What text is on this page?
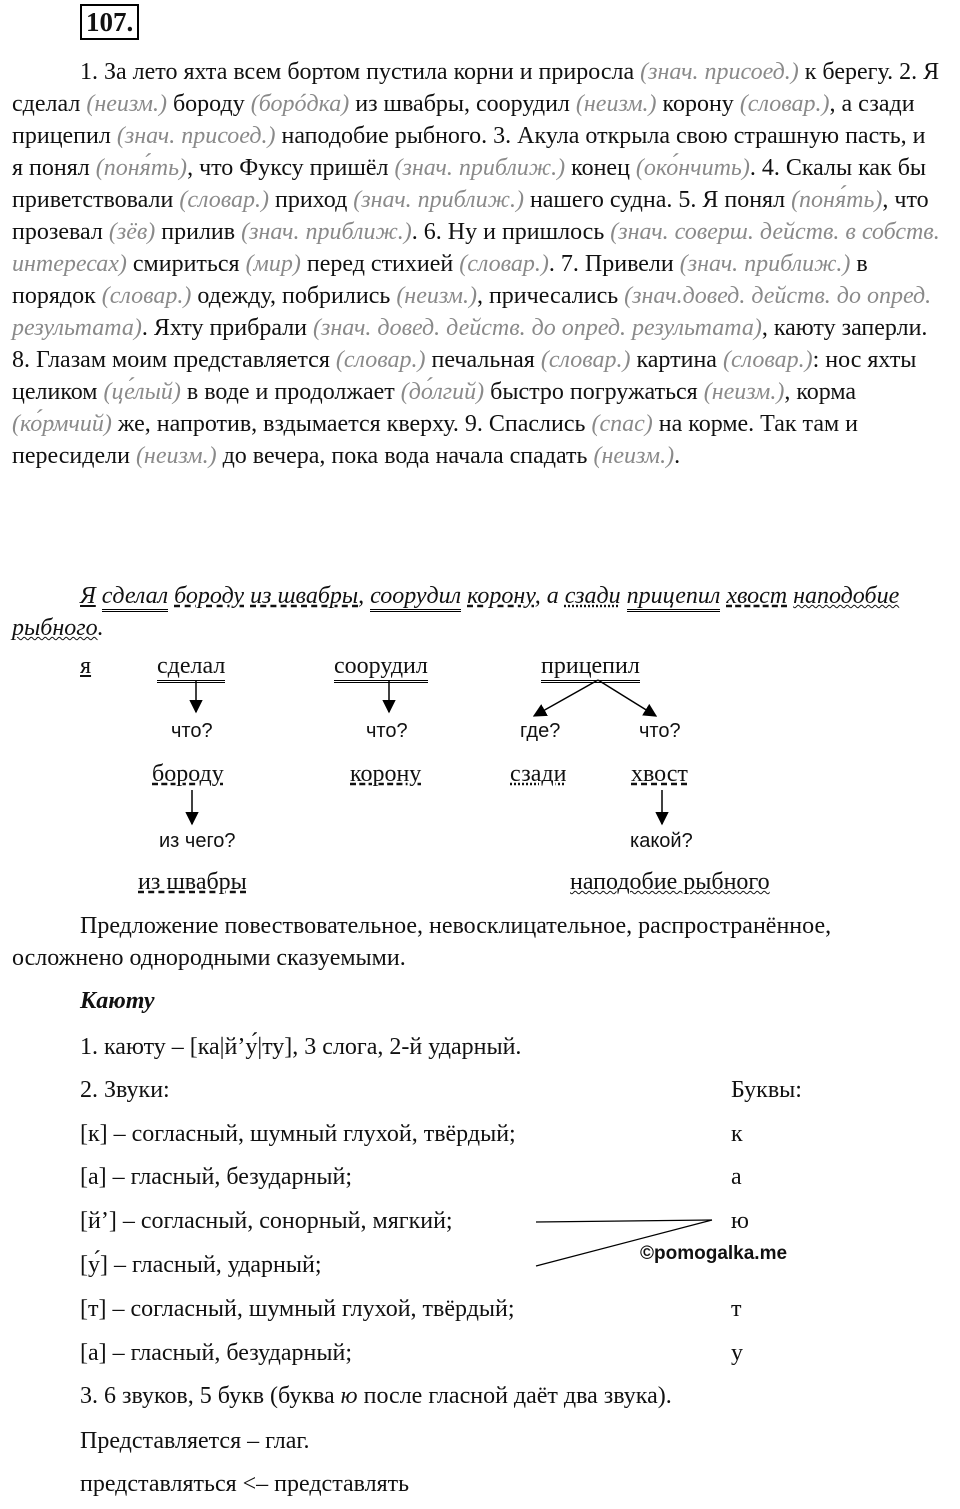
107.

1. За лето яхта всем бортом пустила корни и приросла (знач. присоед.) к берегу. 2. Я сделал (неизм.) бороду (борóдка) из швабры, соорудил (неизм.) корону (словар.), а сзади прицепил (знач. присоед.) наподобие рыбного. 3. Акула открыла свою страшную пасть, и я понял (поня́ть), что Фуксу пришёл (знач. приближ.) конец (око́нчить). 4. Скалы как бы приветствовали (словар.) приход (знач. приближ.) нашего судна. 5. Я понял (поня́ть), что прозевал (зёв) прилив (знач. приближ.). 6. Ну и пришлось (знач. соверш. действ. в собств. интересах) смириться (мир) перед стихией (словар.). 7. Привели (знач. приближ.) в порядок (словар.) одежду, побрились (неизм.), причесались (знач.довед. действ. до опред. результата). Яхту прибрали (знач. довед. действ. до опред. результата), каюту заперли. 8. Глазам моим представляется (словар.) печальная (словар.) картина (словар.): нос яхты целиком (це́лый) в воде и продолжает (до́лгий) быстро погружаться (неизм.), корма (ко́рмчий) же, напротив, вздымается кверху. 9. Спаслись (спас) на корме. Так там и пересидели (неизм.) до вечера, пока вода начала спадать (неизм.).

Я сделал бороду из швабры, соорудил корону, а сзади прицепил хвост наподобие рыбного.

я	сделал	соорудил	прицепил
что?	что?	где?	что?
бороду	корону	сзади	хвост
из чего?	какой?
из швабры	наподобие рыбного

Предложение повествовательное, невосклицательное, распространённое, осложнено однородными сказуемыми.

Каюту
1. каюту – [ка|й’у́|ту], 3 слога, 2-й ударный.
2. Звуки:	Буквы:
[к] – согласный, шумный глухой, твёрдый;	к
[а] – гласный, безударный;	а
[й’] – согласный, сонорный, мягкий;	ю
[у́] – гласный, ударный;	©pomogalka.me
[т] – согласный, шумный глухой, твёрдый;	т
[а] – гласный, безударный;	у
3. 6 звуков, 5 букв (буква ю после гласной даёт два звука).
Представляется – глаг.
представляться <– представлять
